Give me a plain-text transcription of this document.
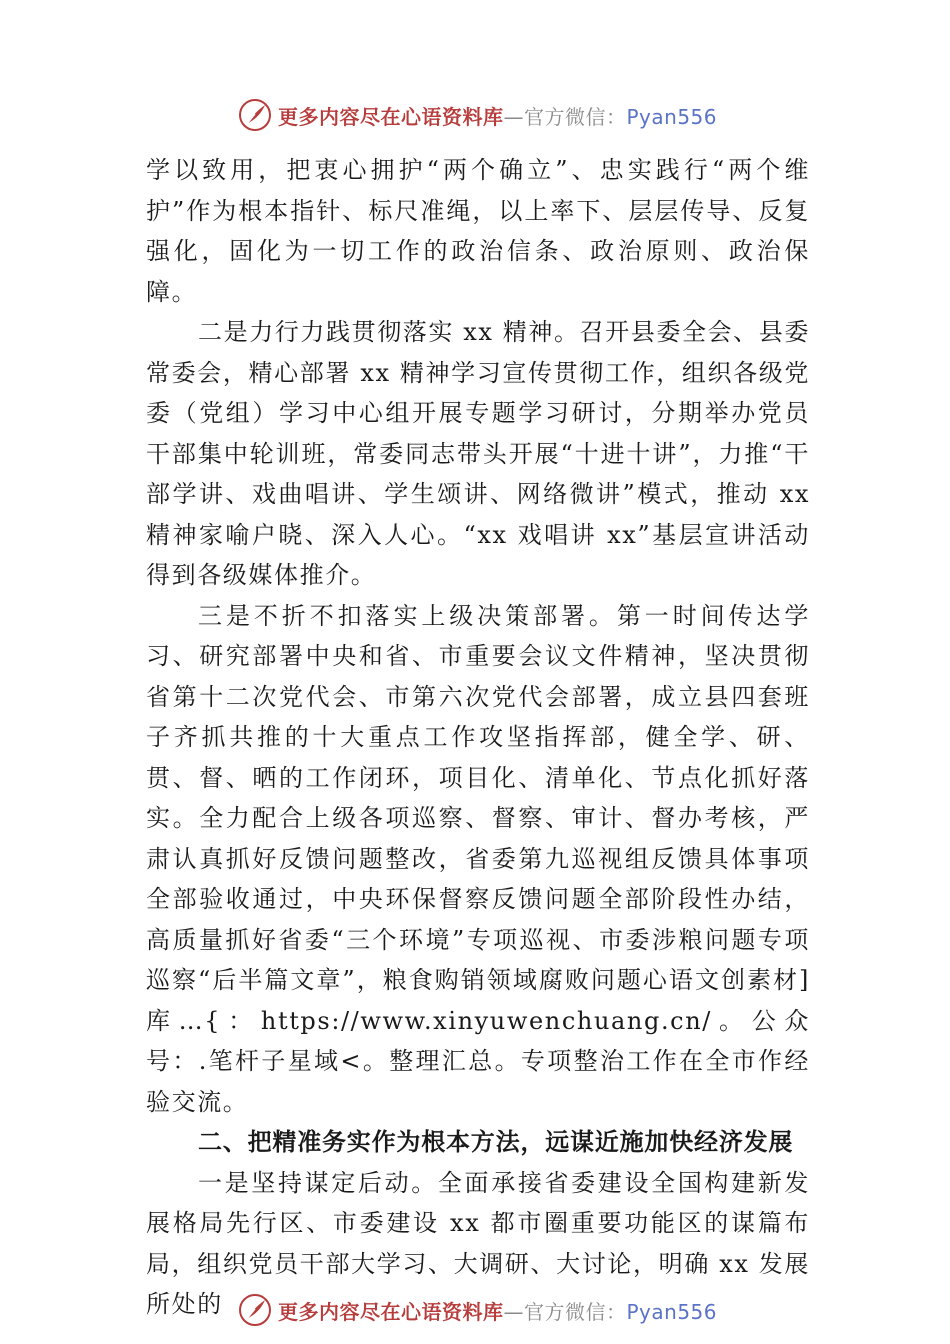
更多内容尽在心语资料库—官方微信：Pyan556

学以致用，把衷心拥护“两个确立”、忠实践行“两个维护”作为根本指针、标尺准绳，以上率下、层层传导、反复强化，固化为一切工作的政治信条、政治原则、政治保障。

二是力行力践贯彻落实 xx 精神。召开县委全会、县委常委会，精心部署 xx 精神学习宣传贯彻工作，组织各级党委（党组）学习中心组开展专题学习研讨，分期举办党员干部集中轮训班，常委同志带头开展“十进十讲”，力推“干部学讲、戏曲唱讲、学生颂讲、网络微讲”模式，推动 xx 精神家喻户晓、深入人心。“xx 戏唱讲 xx”基层宣讲活动得到各级媒体推介。

三是不折不扣落实上级决策部署。第一时间传达学习、研究部署中央和省、市重要会议文件精神，坚决贯彻省第十二次党代会、市第六次党代会部署，成立县四套班子齐抓共推的十大重点工作攻坚指挥部，健全学、研、贯、督、晒的工作闭环，项目化、清单化、节点化抓好落实。全力配合上级各项巡察、督察、审计、督办考核，严肃认真抓好反馈问题整改，省委第九巡视组反馈具体事项全部验收通过，中央环保督察反馈问题全部阶段性办结，高质量抓好省委“三个环境”专项巡视、市委涉粮问题专项巡察“后半篇文章”，粮食购销领域腐败问题心语文创素材]库…{：https://www.xinyuwenchuang.cn/。公众号：.笔杆子星域<。整理汇总。专项整治工作在全市作经验交流。

二、把精准务实作为根本方法，远谋近施加快经济发展

一是坚持谋定后动。全面承接省委建设全国构建新发展格局先行区、市委建设 xx 都市圈重要功能区的谋篇布局，组织党员干部大学习、大调研、大讨论，明确 xx 发展所处的	更多内容尽在心语资料库—官方微信：Pyan556
